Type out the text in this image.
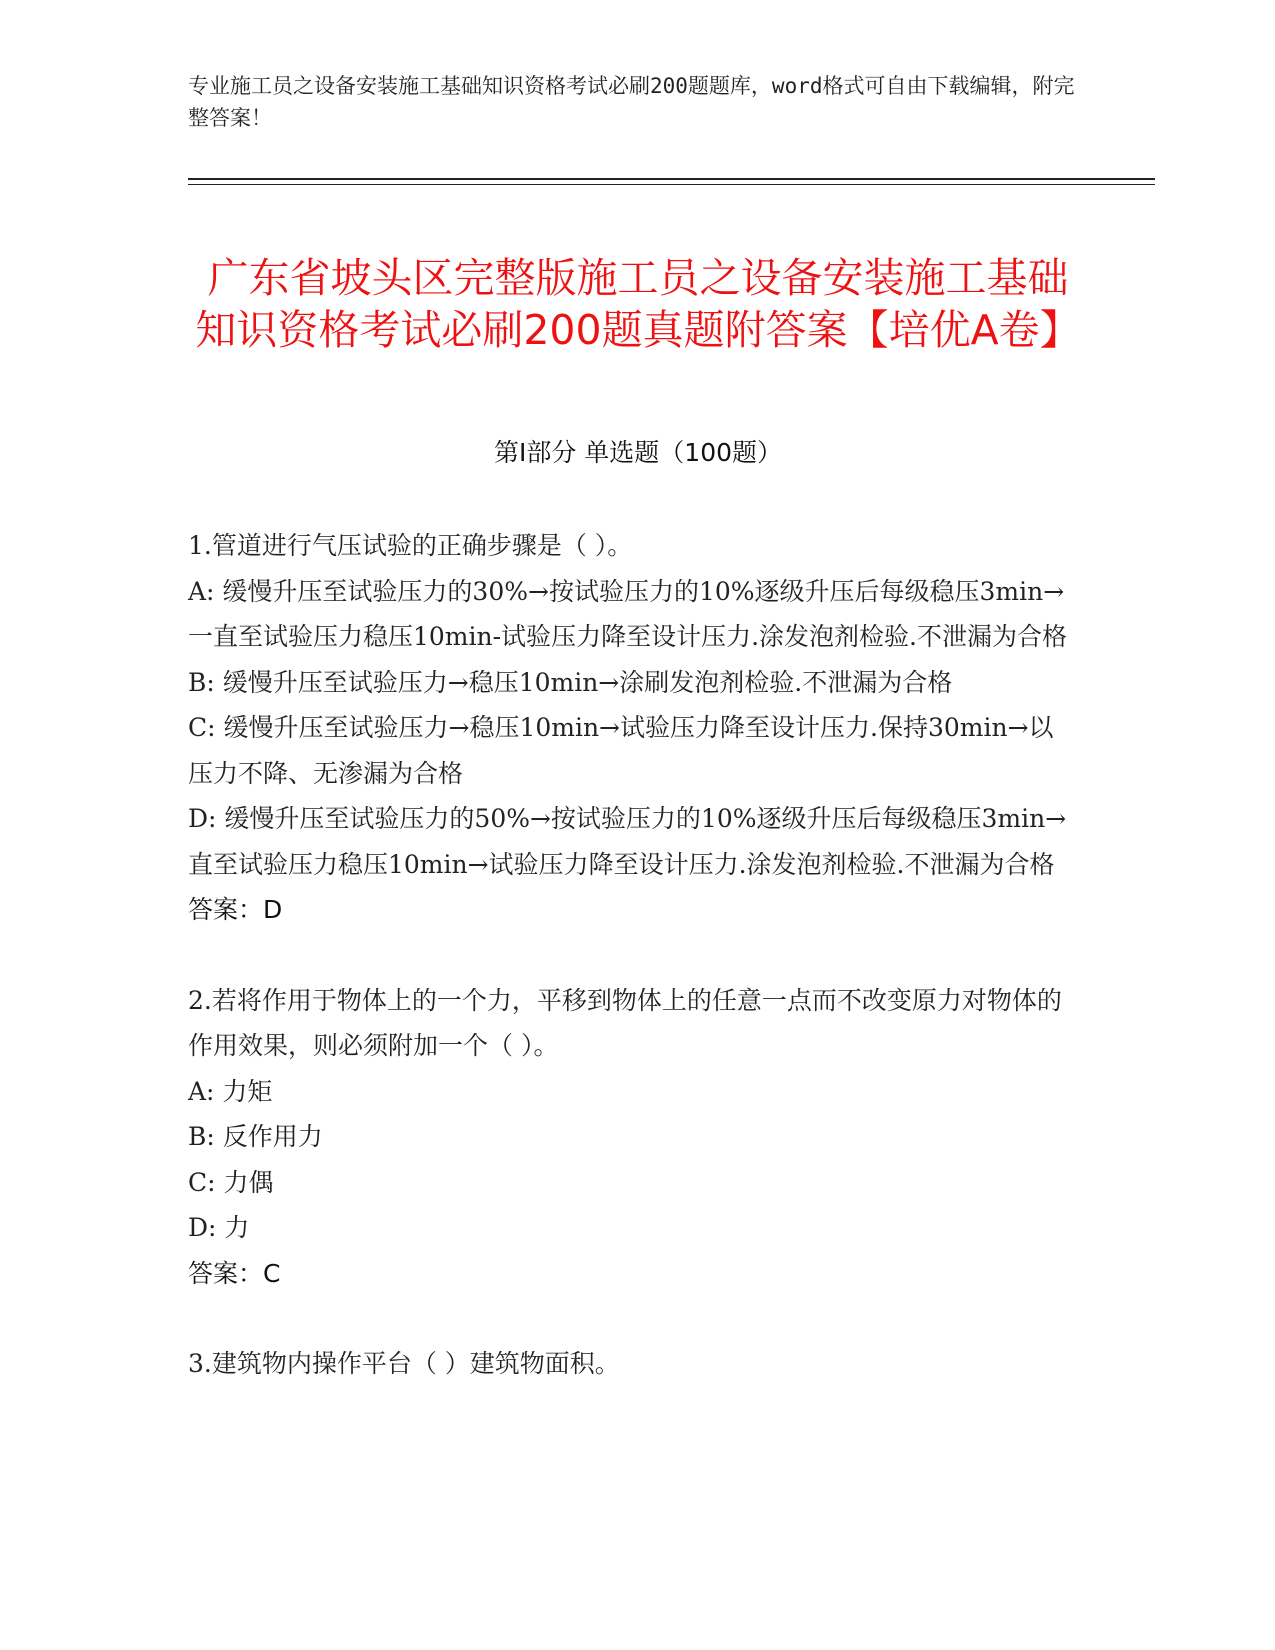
专业施工员之设备安装施工基础知识资格考试必刷200题题库，word格式可自由下载编辑，附完整答案！
广东省坡头区完整版施工员之设备安装施工基础知识资格考试必刷200题真题附答案【培优A卷】
第I部分 单选题（100题）

1.管道进行气压试验的正确步骤是（ ）。

A: 缓慢升压至试验压力的30%→按试验压力的10%逐级升压后每级稳压3min→一直至试验压力稳压10min-试验压力降至设计压力.涂发泡剂检验.不泄漏为合格

B: 缓慢升压至试验压力→稳压10min→涂刷发泡剂检验.不泄漏为合格

C: 缓慢升压至试验压力→稳压10min→试验压力降至设计压力.保持30min→以压力不降、无渗漏为合格

D: 缓慢升压至试验压力的50%→按试验压力的10%逐级升压后每级稳压3min→直至试验压力稳压10min→试验压力降至设计压力.涂发泡剂检验.不泄漏为合格

答案：D

2.若将作用于物体上的一个力，平移到物体上的任意一点而不改变原力对物体的作用效果，则必须附加一个（ ）。

A: 力矩

B: 反作用力

C: 力偶

D: 力

答案：C

3.建筑物内操作平台（ ）建筑物面积。
